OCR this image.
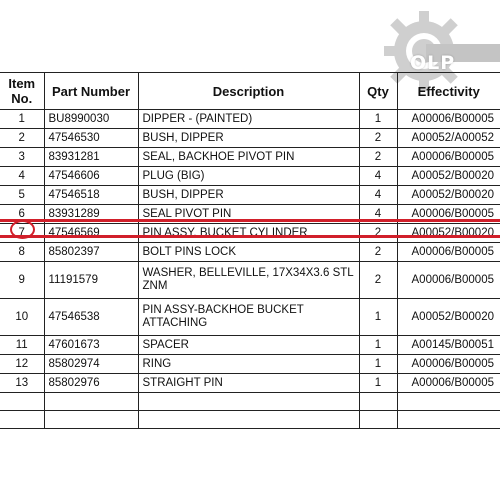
OLP
Item No.	Part Number	Description	Qty	Effectivity
1	BU8990030	DIPPER - (PAINTED)	1	A00006/B00005
2	47546530	BUSH, DIPPER	2	A00052/A00052
3	83931281	SEAL, BACKHOE PIVOT PIN	2	A00006/B00005
4	47546606	PLUG (BIG)	4	A00052/B00020
5	47546518	BUSH, DIPPER	4	A00052/B00020
6	83931289	SEAL PIVOT PIN	4	A00006/B00005
7	47546569	PIN ASSY, BUCKET CYLINDER	2	A00052/B00020
8	85802397	BOLT PINS LOCK	2	A00006/B00005
9	11191579	WASHER, BELLEVILLE, 17X34X3.6 STL ZNM	2	A00006/B00005
10	47546538	PIN ASSY-BACKHOE BUCKET ATTACHING	1	A00052/B00020
11	47601673	SPACER	1	A00145/B00051
12	85802974	RING	1	A00006/B00005
13	85802976	STRAIGHT PIN	1	A00006/B00005
